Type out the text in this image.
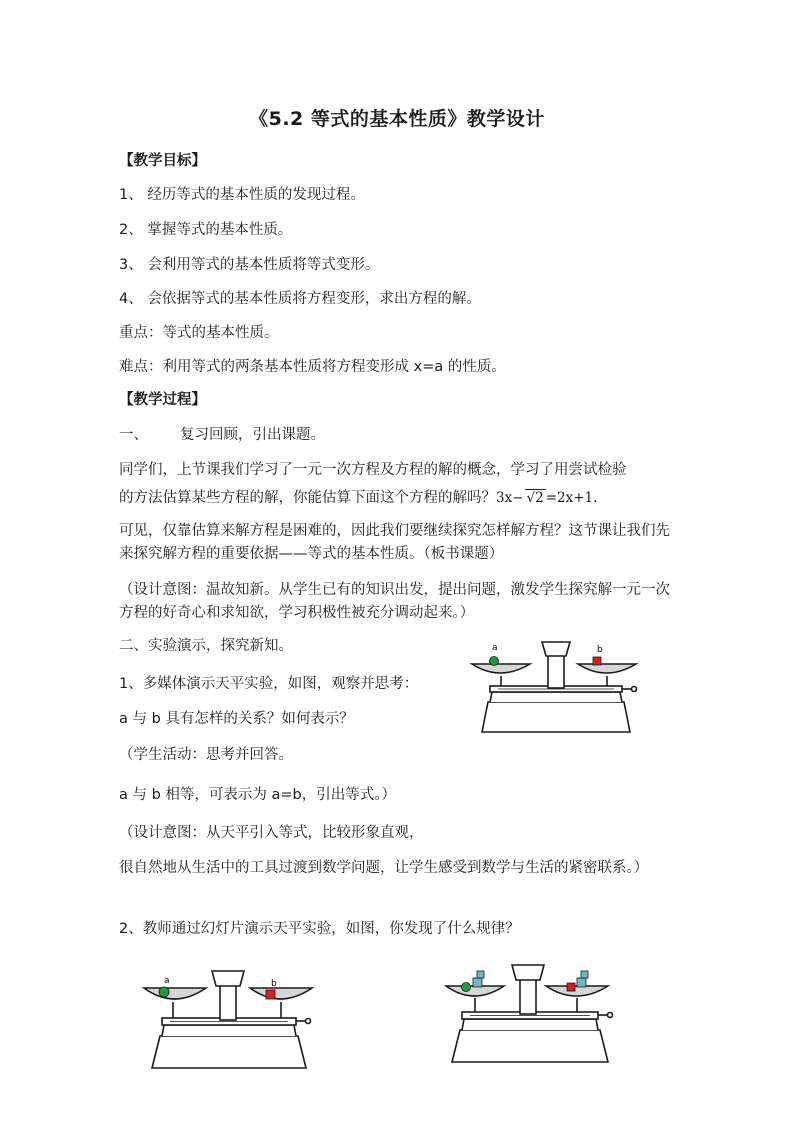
《5.2 等式的基本性质》教学设计
【教学目标】
1、 经历等式的基本性质的发现过程。
2、 掌握等式的基本性质。
3、 会利用等式的基本性质将等式变形。
4、 会依据等式的基本性质将方程变形，求出方程的解。
重点：等式的基本性质。
难点：利用等式的两条基本性质将方程变形成 x=a 的性质。
【教学过程】
一、 复习回顾，引出课题。
同学们，上节课我们学习了一元一次方程及方程的解的概念，学习了用尝试检验
的方法估算某些方程的解，你能估算下面这个方程的解吗？3x− √2 =2x+1.
可见，仅靠估算来解方程是困难的，因此我们要继续探究怎样解方程？这节课让我们先来探究解方程的重要依据——等式的基本性质。（板书课题）
（设计意图：温故知新。从学生已有的知识出发，提出问题，激发学生探究解一元一次方程的好奇心和求知欲，学习积极性被充分调动起来。）
二、实验演示，探究新知。
1、多媒体演示天平实验，如图，观察并思考：
a 与 b 具有怎样的关系？如何表示？
（学生活动：思考并回答。
a 与 b 相等，可表示为 a=b，引出等式。）
（设计意图：从天平引入等式，比较形象直观，
很自然地从生活中的工具过渡到数学问题，让学生感受到数学与生活的紧密联系。）
2、教师通过幻灯片演示天平实验，如图，你发现了什么规律？
a	b
a	b
